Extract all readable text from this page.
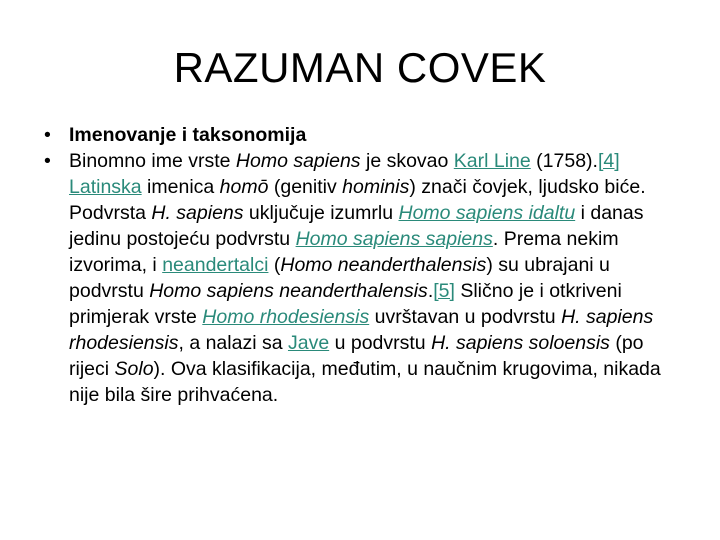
RAZUMAN COVEK
• Imenovanje i taksonomija
• Binomno ime vrste Homo sapiens je skovao Karl Line (1758).[4] Latinska imenica homō (genitiv hominis) znači čovjek, ljudsko biće. Podvrsta H. sapiens uključuje izumrlu Homo sapiens idaltu i danas jedinu postojeću podvrstu Homo sapiens sapiens. Prema nekim izvorima, i neandertalci (Homo neanderthalensis) su ubrajani u podvrstu Homo sapiens neanderthalensis.[5] Slično je i otkriveni primjerak vrste Homo rhodesiensis uvrštavan u podvrstu H. sapiens rhodesiensis, a nalazi sa Jave u podvrstu H. sapiens soloensis (po rijeci Solo). Ova klasifikacija, međutim, u naučnim krugovima, nikada nije bila šire prihvaćena.
